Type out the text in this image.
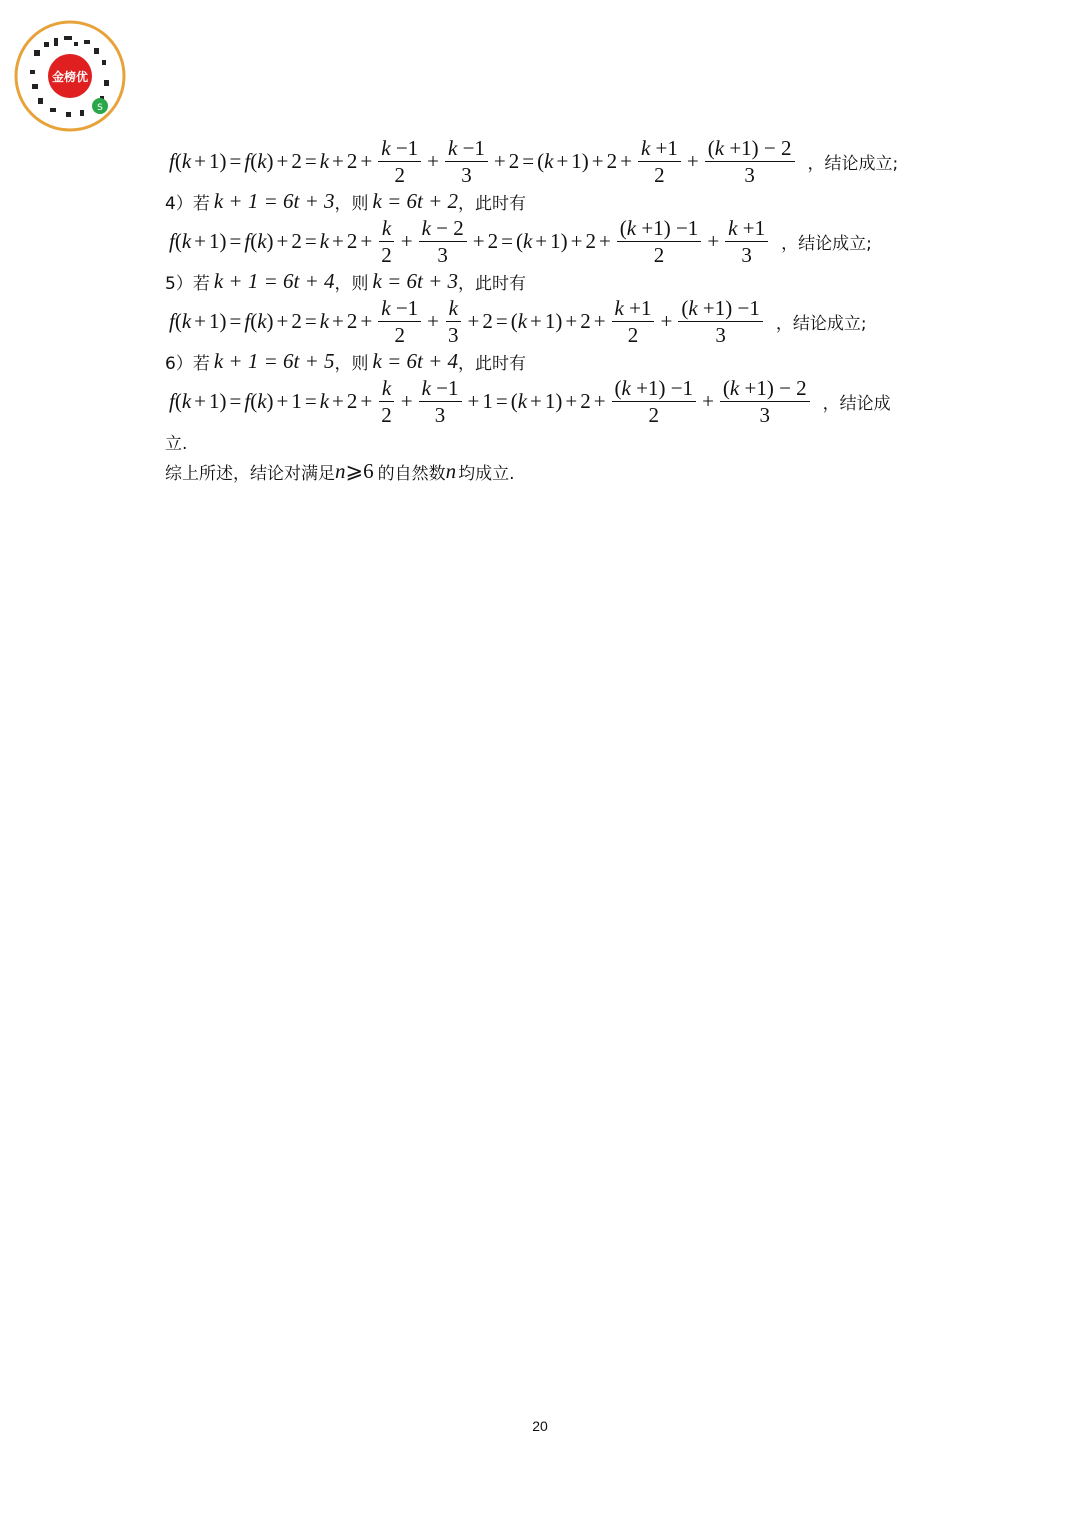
金榜优
S
f ( k + 1) = f ( k ) + $2 = k + 2 + \frac{k -1}{2} + \frac{k -1}{3} + 2$ = ( $k + 1) + 2 + \frac{k +1}{2} + \frac{(k +1) - 2}{3}$ ，结论成立;
4）若 k + 1 = 6t + 3 ，则 k = 6t + 2 ，此时有
f ( k + 1) = f ( k ) + $2 = k + 2 + \frac{k}{2} + \frac{k - 2}{3} + 2$ = ( $k + 1) + 2 + \frac{(k +1) -1}{2} + \frac{k +1}{3}$ ，结论成立;
5）若 k + 1 = 6t + 4 ，则 k = 6t + 3 ，此时有
f ( k + 1) = f ( k ) + $2 = k + 2 + \frac{k -1}{2} + \frac{k}{3} + 2$ = ( $k + 1) + 2 + \frac{k +1}{2} + \frac{(k +1) -1}{3}$ ，结论成立;
6）若 k + 1 = 6t + 5 ，则 k = 6t + 4 ，此时有
f ( k + 1) = f ( k ) + $1 = k + 2 + \frac{k}{2} + \frac{k -1}{3} + 1$ = ( $k + 1) + 2 + \frac{(k +1) -1}{2} + \frac{(k +1) - 2}{3}$ ，结论成
立.
综上所述，结论对满足 n ⩾6 的自然数 n 均成立.
20
